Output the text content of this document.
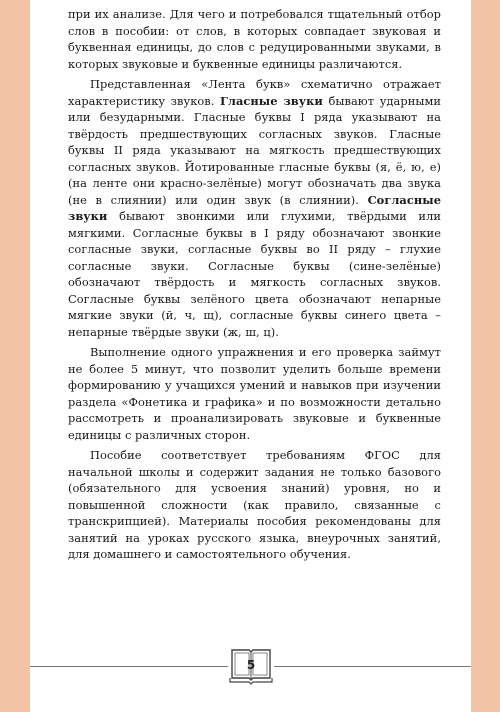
при их анализе. Для чего и потребовался тщательный отбор слов в пособии: от слов, в которых совпадает звуковая и буквенная единицы, до слов с редуцированными звуками, в которых звуковые и буквенные единицы различаются.

Представленная «Лента букв» схематично отражает характеристику звуков. Гласные звуки бывают ударными или безударными. Гласные буквы I ряда указывают на твёрдость предшествующих согласных звуков. Гласные буквы II ряда указывают на мягкость предшествующих согласных звуков. Йотированные гласные буквы (я, ё, ю, е) (на ленте они красно-зелёные) могут обозначать два звука (не в слиянии) или один звук (в слиянии). Согласные звуки бывают звонкими или глухими, твёрдыми или мягкими. Согласные буквы в I ряду обозначают звонкие согласные звуки, согласные буквы во II ряду – глухие согласные звуки. Согласные буквы (сине-зелёные) обозначают твёрдость и мягкость согласных звуков. Согласные буквы зелёного цвета обозначают непарные мягкие звуки (й, ч, щ), согласные буквы синего цвета – непарные твёрдые звуки (ж, ш, ц).

Выполнение одного упражнения и его проверка займут не более 5 минут, что позволит уделить больше времени формированию у учащихся умений и навыков при изучении раздела «Фонетика и графика» и по возможности детально рассмотреть и проанализировать звуковые и буквенные единицы с различных сторон.

Пособие соответствует требованиям ФГОС для начальной школы и содержит задания не только базового (обязательного для усвоения знаний) уровня, но и повышенной сложности (как правило, связанные с транскрипцией). Материалы пособия рекомендованы для занятий на уроках русского языка, внеурочных занятий, для домашнего и самостоятельного обучения.

5
